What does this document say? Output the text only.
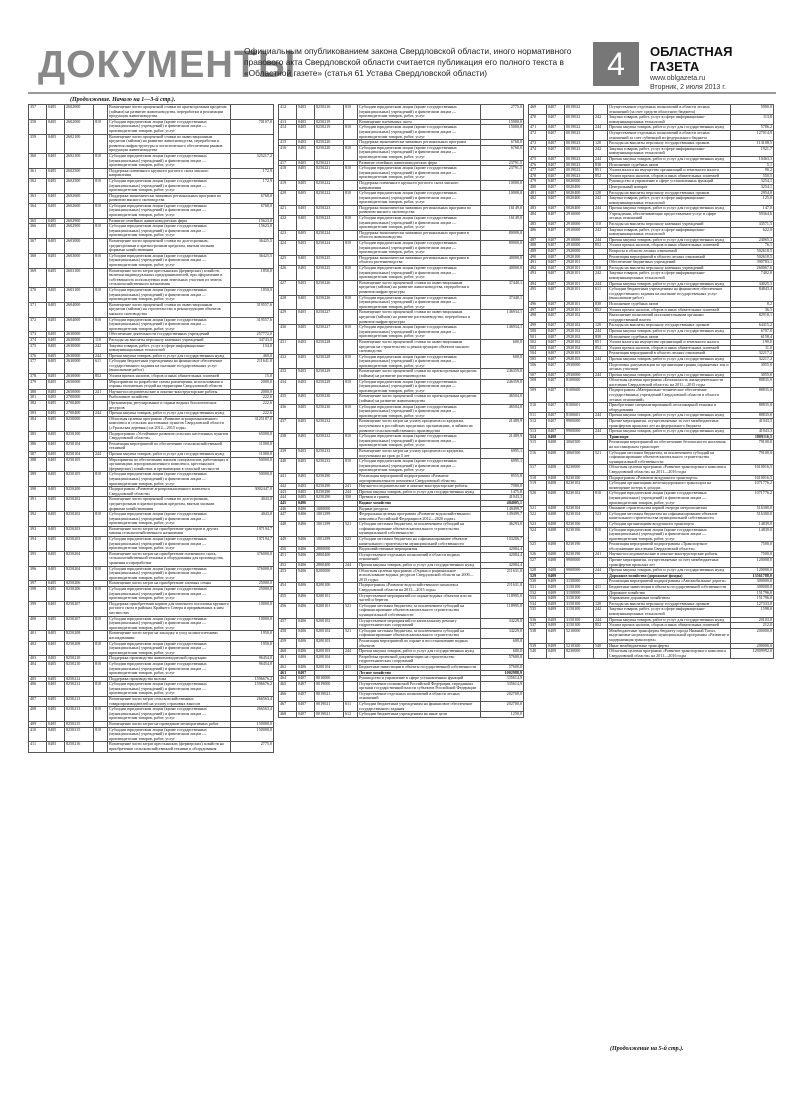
ДОКУМЕНТЫ
Официальным опубликованием закона Свердловской области, иного нормативного правового акта Свердловской области считается публикация его полного текста в «Областной газете» (статья 61 Устава Свердловской области)	4	ОБЛАСТНАЯ ГАЗЕТА
www.oblgazeta.ru
Вторник, 2 июля 2013 г.
(Продолжение. Начало на 1—3-й стр.).
357	0405	2602000		Возмещение части процентной ставки по краткосрочным кредитам (займам) на развитие животноводства, переработки и реализации продукции животноводства	
358	0405	2602000	810	Субсидии юридическим лицам (кроме государственных (муниципальных) учреждений) и физическим лицам — производителям товаров, работ, услуг	70107,0
359	0405	2602100		Возмещение части процентной ставки по инвестиционным кредитам (займам) на развитие животноводства, переработки и развития инфраструктуры и логистического обеспечения рынков продукции животноводства	
360	0405	2602100	810	Субсидии юридическим лицам (кроме государственных (муниципальных) учреждений) и физическим лицам — производителям товаров, работ, услуг	325217,2
361	0405	2602500		Поддержка племенного крупного рогатого скота мясного направления	172,9
362	0405	2602500	810	Субсидии юридическим лицам (кроме государственных (муниципальных) учреждений) и физическим лицам — производителям товаров, работ, услуг	172,9
363	0405	2602600		Поддержка экономически значимых региональных программ по развитию мясного скотоводства	6768,0
364	0405	2602600	810	Субсидии юридическим лицам (кроме государственных (муниципальных) учреждений) и физическим лицам — производителям товаров, работ, услуг	6768,0
365	0405	2602900		Развитие семейных животноводческих ферм	15623,0
366	0405	2602900	810	Субсидии юридическим лицам (кроме государственных (муниципальных) учреждений) и физическим лицам — производителям товаров, работ, услуг	15623,0
367	0405	2603000		Возмещение части процентной ставки по долгосрочным, среднесрочным и краткосрочным кредитам, взятым малыми формами хозяйствования	36425,5
368	0405	2603000	810	Субсидии юридическим лицам (кроме государственных (муниципальных) учреждений) и физическим лицам — производителям товаров, работ, услуг	36425,5
369	0405	2603100		Возмещение части затрат крестьянских (фермерских) хозяйств, включая индивидуальных предпринимателей, при оформлении в собственность используемых ими земельных участков из земель сельскохозяйственного назначения	1850,0
370	0405	2603100	810	Субсидии юридическим лицам (кроме государственных (муниципальных) учреждений) и физическим лицам — производителям товаров, работ, услуг	1850,0
371	0405	2604000		Возмещение части процентной ставки по инвестиционным кредитам (займам) на строительство и реконструкцию объектов мясного скотоводства	319557,6
372	0405	2604000	810	Субсидии юридическим лицам (кроме государственных (муниципальных) учреждений) и физическим лицам — производителям товаров, работ, услуг	319557,6
373	0405	2630000		Обеспечение деятельности государственных учреждений	257772,0
374	0405	2630000	110	Расходы на выплаты персоналу казенных учреждений	34743,0
375	0405	2630000	242	Закупка товаров, работ, услуг в сфере информационно-коммуникационных технологий	154,0
376	0405	2630000	244	Прочая закупка товаров, работ и услуг для государственных нужд	460,0
377	0405	2630000	611	Субсидии бюджетным учреждениям на финансовое обеспечение государственного задания на оказание государственных услуг (выполнение работ)	211641,0
378	0405	2630000	852	Уплата прочих налогов, сборов и иных обязательных платежей	15,0
379	0405	2650000		Мероприятия по разработке схемы размещения, использования и охраны охотничьих угодий на территории Свердловской области	2000,0
380	0405	2650000	241	Научно-исследовательские и опытно-конструкторские работы	2000,0
381	0405	2700000		Рыболовное хозяйство	222,6
382	0405	2700400		Организация, регулирование и охрана водных биологических ресурсов	222,6
383	0405	2700400	244	Прочая закупка товаров, работ и услуг для государственных нужд	222,6
384	0405	8250000		Областная целевая программа «Развитие агропромышленного комплекса и сельских населенных пунктов Свердловской области («Уральская деревня») на 2012—2015 годы»	3125187,0
385	0405	8250100		Подпрограмма «Устойчивое развитие сельских населенных пунктов Свердловской области»	65000,0
386	0405	8250104		Реализация мероприятий по обеспечению сельскохозяйственной техникой	11000,0
387	0405	8250104	244	Прочая закупка товаров, работ и услуг для государственных нужд	11000,0
388	0405	8250105		Мероприятия по обеспечению жильем специалистов, работающих в организациях агропромышленного комплекса, крестьянских (фермерских) хозяйствах и организациях в сельской местности	50000,0
389	0405	8250105	810	Субсидии юридическим лицам (кроме государственных (муниципальных) учреждений) и физическим лицам — производителям товаров, работ, услуг	50000,0
390	0405	8250200		Подпрограмма «Развитие агропромышленного комплекса Свердловской области»	3002447,0
391	0405	8250202		Возмещение части процентной ставки по долгосрочным, среднесрочным и краткосрочным кредитам, взятым малыми формами хозяйствования	4043,0
392	0405	8250202	810	Субсидии юридическим лицам (кроме государственных (муниципальных) учреждений) и физическим лицам — производителям товаров, работ, услуг	4043,0
393	0405	8250203		Возмещение части затрат на приобретение тракторов и других машин сельскохозяйственного назначения	197194,7
394	0405	8250203	810	Субсидии юридическим лицам (кроме государственных (муниципальных) учреждений) и физическим лицам — производителям товаров, работ, услуг	197194,7
395	0405	8250204		Возмещение части затрат на приобретение племенного скота, сельскохозяйственной техники и оборудования для производства, хранения и переработки	376000,0
396	0405	8250204	810	Субсидии юридическим лицам (кроме государственных (муниципальных) учреждений) и физическим лицам — производителям товаров, работ, услуг	376000,0
397	0405	8250206		Возмещение части затрат на приобретение элитных семян	25000,0
398	0405	8250206	810	Субсидии юридическим лицам (кроме государственных (муниципальных) учреждений) и физическим лицам — производителям товаров, работ, услуг	25000,0
399	0405	8250207		Поддержка приобретения кормов для маточного поголовья крупного рогатого скота в районах Крайнего Севера и приравненных к ним местностях	10000,0
400	0405	8250207	810	Субсидии юридическим лицам (кроме государственных (муниципальных) учреждений) и физическим лицам — производителям товаров, работ, услуг	10000,0
401	0405	8250208		Возмещение части затрат на закладку и уход за многолетними насаждениями	1950,0
402	0405	8250208	810	Субсидии юридическим лицам (кроме государственных (муниципальных) учреждений) и физическим лицам — производителям товаров, работ, услуг	1950,0
403	0405	8250210		Поддержка производства животноводческой продукции	96454,0
404	0405	8250210	810	Субсидии юридическим лицам (кроме государственных (муниципальных) учреждений) и физическим лицам — производителям товаров, работ, услуг	96454,0
405	0405	8250212		Поддержка производства молока	1596676,2
406	0405	8250212	810	Субсидии юридическим лицам (кроме государственных (муниципальных) учреждений) и физическим лицам — производителям товаров, работ, услуг	1596676,2
407	0405	8250213		Возмещение части затрат сельскохозяйственных товаропроизводителей на уплату страховых взносов	266563,4
408	0405	8250213	810	Субсидии юридическим лицам (кроме государственных (муниципальных) учреждений) и физическим лицам — производителям товаров, работ, услуг	266563,4
409	0405	8250215		Возмещение части затрат на проведение мелиоративных работ	150000,0
410	0405	8250215	810	Субсидии юридическим лицам (кроме государственных (муниципальных) учреждений) и физическим лицам — производителям товаров, работ, услуг	150000,0
411	0405	8250216		Возмещение части затрат крестьянских (фермерских) хозяйств на приобретение сельскохозяйственной техники и оборудования	2775,0
412	0405	8250216	810	Субсидии юридическим лицам (кроме государственных (муниципальных) учреждений) и физическим лицам — производителям товаров, работ, услуг	2775,0
413	0405	8250219		Возмещение племенных скота	15000,0
414	0405	8250219	810	Субсидии юридическим лицам (кроме государственных (муниципальных) учреждений) и физическим лицам — производителям товаров, работ, услуг	15000,0
415	0405	8250220		Поддержка экономически значимых региональных программ	6768,0
416	0405	8250220	810	Субсидии юридическим лицам (кроме государственных (муниципальных) учреждений) и физическим лицам — производителям товаров, работ, услуг	6768,0
417	0405	8250221		Развитие семейных животноводческих ферм	23791,5
418	0405	8250221	810	Субсидии юридическим лицам (кроме государственных (муниципальных) учреждений) и физическим лицам — производителям товаров, работ, услуг	23791,5
419	0405	8250222		Поддержка племенного крупного рогатого скота мясного направления	10000,0
420	0405	8250222	810	Субсидии юридическим лицам (кроме государственных (муниципальных) учреждений) и физическим лицам — производителям товаров, работ, услуг	10000,0
421	0405	8250223		Поддержка экономически значимых региональных программ по развитию мясного скотоводства	16149,0
422	0405	8250223	810	Субсидии юридическим лицам (кроме государственных (муниципальных) учреждений) и физическим лицам — производителям товаров, работ, услуг	16149,0
423	0405	8250224		Поддержка экономически значимых региональных программ в области животноводства	80000,0
424	0405	8250224	810	Субсидии юридическим лицам (кроме государственных (муниципальных) учреждений) и физическим лицам — производителям товаров, работ, услуг	80000,0
425	0405	8250225		Поддержка экономически значимых региональных программ в области растениеводства	40000,0
426	0405	8250225	810	Субсидии юридическим лицам (кроме государственных (муниципальных) учреждений) и физическим лицам — производителям товаров, работ, услуг	40000,0
427	0405	8250226		Возмещение части процентной ставки по инвестиционным кредитам (займам) на развитие животноводства, переработки и развития инфраструктуры	37440,1
428	0405	8250226	810	Субсидии юридическим лицам (кроме государственных (муниципальных) учреждений) и физическим лицам — производителям товаров, работ, услуг	37440,1
429	0405	8250227		Возмещение части процентной ставки по инвестиционным кредитам (займам) на развитие растениеводства, переработки и развития инфраструктуры	146934,1
430	0405	8250227	810	Субсидии юридическим лицам (кроме государственных (муниципальных) учреждений) и физическим лицам — производителям товаров, работ, услуг	146934,1
431	0405	8250228		Возмещение части процентной ставки по инвестиционным кредитам на строительство и реконструкцию объектов мясного скотоводства	600,0
432	0405	8250228	810	Субсидии юридическим лицам (кроме государственных (муниципальных) учреждений) и физическим лицам — производителям товаров, работ, услуг	600,0
433	0405	8250229		Возмещение части процентной ставки по краткосрочным кредитам (займам) на развитие растениеводства	246359,0
434	0405	8250229	810	Субсидии юридическим лицам (кроме государственных (муниципальных) учреждений) и физическим лицам — производителям товаров, работ, услуг	246359,0
435	0405	8250230		Возмещение части процентной ставки по краткосрочным кредитам (займам) на развитие животноводства	46504,0
436	0405	8250230	810	Субсидии юридическим лицам (кроме государственных (муниципальных) учреждений) и физическим лицам — производителям товаров, работ, услуг	46504,0
437	0405	8250232		Возмещение части затрат на уплату процентов по кредитам, полученным в российских кредитных организациях, и займам на развитие сельскохозяйственного производства	21489,9
438	0405	8250232	810	Субсидии юридическим лицам (кроме государственных (муниципальных) учреждений) и физическим лицам — производителям товаров, работ, услуг	21489,9
439	0405	8250233		Возмещение части затрат на уплату процентов по кредитам, полученным на срок до 5 лет	6995,1
440	0405	8250233	810	Субсидии юридическим лицам (кроме государственных (муниципальных) учреждений) и физическим лицам — производителям товаров, работ, услуг	6995,1
441	0405	8250290		Реализация мероприятий подпрограммы «Развитие агропромышленного комплекса Свердловской области»	8555,8
442	0405	8250290	241	Научно-исследовательские и опытно-конструкторские работы	7080,0
443	0405	8250290	244	Прочая закупка товаров, работ и услуг для государственных нужд	1475,8
444	0405	8250290	350	Премии и гранты	41043,3
445	0406			Водное хозяйство	404005,1
446	0406	1000000		Водные ресурсы	149499,7
447	0406	1001299		Федеральная целевая программа «Развитие водохозяйственного комплекса Российской Федерации в 2012—2020 годах»	149499,7
448	0406	1001299	521	Субсидии местным бюджетам, за исключением субсидий на софинансирование объектов капитального строительства муниципальной собственности	46293,0
449	0406	1001299	523	Субсидии местным бюджетам на софинансирование объектов капитального строительства муниципальной собственности	103206,7
450	0406	2800000		Водохозяйственные мероприятия	42084,4
451	0406	2800400		Осуществление отдельных полномочий в области водных отношений	42084,4
452	0406	2800400	244	Прочая закупка товаров, работ и услуг для государственных нужд	42084,4
453	0406	8200000		Областная целевая программа «Охрана и рациональное использование водных ресурсов Свердловской области на 2009—2015 годы»	211631,0
454	0406	8200100		Подпрограмма «Развитие водохозяйственного комплекса Свердловской области на 2013—2015 годы»	211631,0
455	0406	8200101		Осуществление мероприятий по охране водных объектов или их частей и берегов	118995,0
456	0406	8200101	521	Субсидии местным бюджетам, за исключением субсидий на софинансирование объектов капитального строительства муниципальной собственности	118995,0
457	0406	8200102		Осуществление мероприятий по капитальному ремонту гидротехнических сооружений	34229,0
458	0406	8200102	521	Субсидии местным бюджетам, за исключением субсидий на софинансирование объектов капитального строительства	34229,0
459	0406	8200103		Реализация мероприятий по охране и восстановлению водных объектов	600,0
460	0406	8200103	244	Прочая закупка товаров, работ и услуг для государственных нужд	600,0
461	0406	8200104		Разработка проектной документации на строительство гидротехнических сооружений	57600,0
462	0406	8200104	411	Бюджетные инвестиции в объекты государственной собственности	57600,0
463	0407			Лесное хозяйство	1002988,9
464	0407	0010000		Руководство и управление в сфере установленных функций	335614,9
465	0407	0019000		Осуществление полномочий Российской Федерации, переданных органам государственной власти субъектов Российской Федерации	335614,9
466	0407	0019021		Осуществление отдельных полномочий в области лесных отношений	202700,0
467	0407	0019021	611	Субсидии бюджетным учреждениям на финансовое обеспечение государственного задания	202700,0
468	0407	0019021	612	Субсидии бюджетным учреждениям на иные цели	1250,0
469	0407	0019022		Осуществление отдельных полномочий в области лесных отношений (за счет средств областного бюджета)	5900,0
470	0407	0019022	242	Закупка товаров, работ, услуг в сфере информационно-коммуникационных технологий	113,8
471	0407	0019022	244	Прочая закупка товаров, работ и услуг для государственных нужд	5786,2
472	0407	0019023		Осуществление отдельных полномочий в области лесных отношений за счет субвенций из федерального бюджета	127014,9
473	0407	0019023	120	Расходы на выплаты персоналу государственных органов	113108,5
474	0407	0019023	242	Закупка товаров, работ, услуг в сфере информационно-коммуникационных технологий	1921,7
475	0407	0019023	244	Прочая закупка товаров, работ и услуг для государственных нужд	10463,3
476	0407	0019023	830	Исполнение судебных актов	5,1
477	0407	0019023	851	Уплата налога на имущество организаций и земельного налога	90,2
478	0407	0019023	852	Уплата прочих налогов, сборов и иных обязательных платежей	550,5
479	0407	0020000		Руководство и управление в сфере установленных функций	3254,1
480	0407	0020400		Центральный аппарат	3254,1
481	0407	0020400	120	Расходы на выплаты персоналу государственных органов	2954,0
482	0407	0020400	242	Закупка товаров, работ, услуг в сфере информационно-коммуникационных технологий	125,0
483	0407	0020400	244	Прочая закупка товаров, работ и услуг для государственных нужд	147,0
484	0407	2910000		Учреждения, обеспечивающие предоставление услуг в сфере лесных отношений	59364,6
485	0407	2910000	110	Расходы на выплаты персоналу казенных учреждений	33571,5
486	0407	2910000	242	Закупка товаров, работ, услуг в сфере информационно-коммуникационных технологий	622,0
487	0407	2910000	244	Прочая закупка товаров, работ и услуг для государственных нужд	24065,3
488	0407	2910000	852	Уплата прочих налогов, сборов и иных обязательных платежей	76,1
489	0407	2920000		Вопросы в области лесных отношений	502618,5
490	0407	2920100		Реализация мероприятий в области лесных отношений	502618,5
491	0407	2920101		Обеспечение бюджетных учреждений	390783,1
492	0407	2920101	110	Расходы на выплаты персоналу казенных учреждений	260067,6
493	0407	2920101	242	Закупка товаров, работ, услуг в сфере информационно-коммуникационных технологий	7402,0
494	0407	2920101	244	Прочая закупка товаров, работ и услуг для государственных нужд	34025,3
495	0407	2920101	611	Субсидии бюджетным учреждениям на финансовое обеспечение государственного задания на оказание государственных услуг (выполнение работ)	84843,4
496	0407	2920101	830	Исполнение судебных актов	8,2
497	0407	2920101	852	Уплата прочих налогов, сборов и иных обязательных платежей	36,5
498	0407	2920102		Выполнение полномочий исполнительными органами государственной власти	82918,1
499	0407	2920102	120	Расходы на выплаты персоналу государственных органов	64415,2
500	0407	2920102	244	Прочая закупка товаров, работ и услуг для государственных нужд	6707,0
501	0407	2920102	830	Исполнение судебных актов	6158,4
502	0407	2920102	851	Уплата налога на имущество организаций и земельного налога	190,0
503	0407	2920102	852	Уплата прочих налогов, сборов и иных обязательных платежей	11,0
504	0407	2920103		Реализация мероприятий в области лесных отношений	32217,2
505	0407	2920103	244	Прочая закупка товаров, работ и услуг для государственных нужд	32217,2
506	0407	2930000		Подготовка документации по организации границ охраняемых зон и лесных участков	3055,0
507	0407	2930000	244	Прочая закупка товаров, работ и услуг для государственных нужд	3055,0
508	0407	8100000		Областная целевая программа «Безопасность жизнедеятельности населения Свердловской области» на 2011—2015 годы	88835,0
509	0407	8100600		Подпрограмма «Материально-техническое обеспечение государственных учреждений Свердловской области в области лесных отношений»	88835,0
510	0407	8100601		Приобретение специализированной лесопожарной техники и оборудования	88835,0
511	0407	8100601	244	Прочая закупка товаров, работ и услуг для государственных нужд	88835,0
512	0407	9900000		Прочие мероприятия, осуществляемые за счет межбюджетных трансфертов прошлых лет из федерального бюджета	41043,3
513	0407	9900000	244	Прочая закупка товаров, работ и услуг для государственных нужд	41043,3
514	0408			Транспорт	1809116,5
515	0408	3060500		Реализация мероприятий по обеспечению безопасности населения на пассажирском транспорте	79100,0
516	0408	3060500	521	Субсидии местным бюджетам, за исключением субсидий на софинансирование объектов капитального строительства муниципальной собственности	79100,0
517	0408	8230000		Областная целевая программа «Развитие транспортного комплекса Свердловской области» на 2011—2016 годы	1610016,5
518	0408	8230100		Подпрограмма «Развитие воздушного транспорта»	1610016,5
519	0408	8230102		Субсидии организациям железнодорожного транспорта на возмещение потерь в доходах	1071776,2
520	0408	8230102	810	Субсидии юридическим лицам (кроме государственных (муниципальных) учреждений) и физическим лицам — производителям товаров, работ, услуг	1071776,2
521	0408	8230104		Оказание строительства первой очереди метрополитена	516300,0
522	0408	8230104	523	Субсидии местным бюджетам на софинансирование объектов капитального строительства муниципальной собственности	516300,0
523	0408	8230106		Субсидии организациям воздушного транспорта	14839,0
524	0408	8230106	810	Субсидии юридическим лицам (кроме государственных (муниципальных) учреждений) и физическим лицам — производителям товаров, работ, услуг	14839,0
525	0408	8230190		Реализация мероприятий подпрограммы «Транспортное обслуживание населения Свердловской области»	7500,0
526	0408	8230190	241	Научно-исследовательские и опытно-конструкторские работы	7500,0
527	0408	9900000		Прочие мероприятия, осуществляемые за счет межбюджетных трансфертов прошлых лет	120000,0
528	0408	9900000	244	Прочая закупка товаров, работ и услуг для государственных нужд	120000,0
529	0409			Дорожное хозяйство (дорожные фонды)	13561788,0
530	0409	3150000		Реализация мероприятий подпрограммы «Автомобильные дороги»	300000,0
531	0409	3150100	411	Бюджетные инвестиции в объекты государственной собственности	300000,0
532	0409	3150000		Дорожное хозяйство	151796,0
533	0409	3150100		Управление дорожным хозяйством	151796,0
534	0409	3150100	120	Расходы на выплаты персоналу государственных органов	127333,0
535	0409	3150100	242	Закупка товаров, работ, услуг в сфере информационно-коммуникационных технологий	1598,0
536	0409	3150100	244	Прочая закупка товаров, работ и услуг для государственных нужд	20103,0
537	0409	3150100	852	Уплата прочих налогов, сборов и иных обязательных платежей	212,0
538	0409	5210000		Межбюджетные трансферты бюджету города Нижний Тагил, выделяемые на реализацию муниципальной программы «Развитие и модернизация транспорта»	200000,0
539	0409	5210300	540	Иные межбюджетные трансферты	200000,0
540	0409	8230000		Областная целевая программа «Развитие транспортного комплекса Свердловской области» на 2011—2016 годы	12909992,0
(Продолжение на 5-й стр.).
